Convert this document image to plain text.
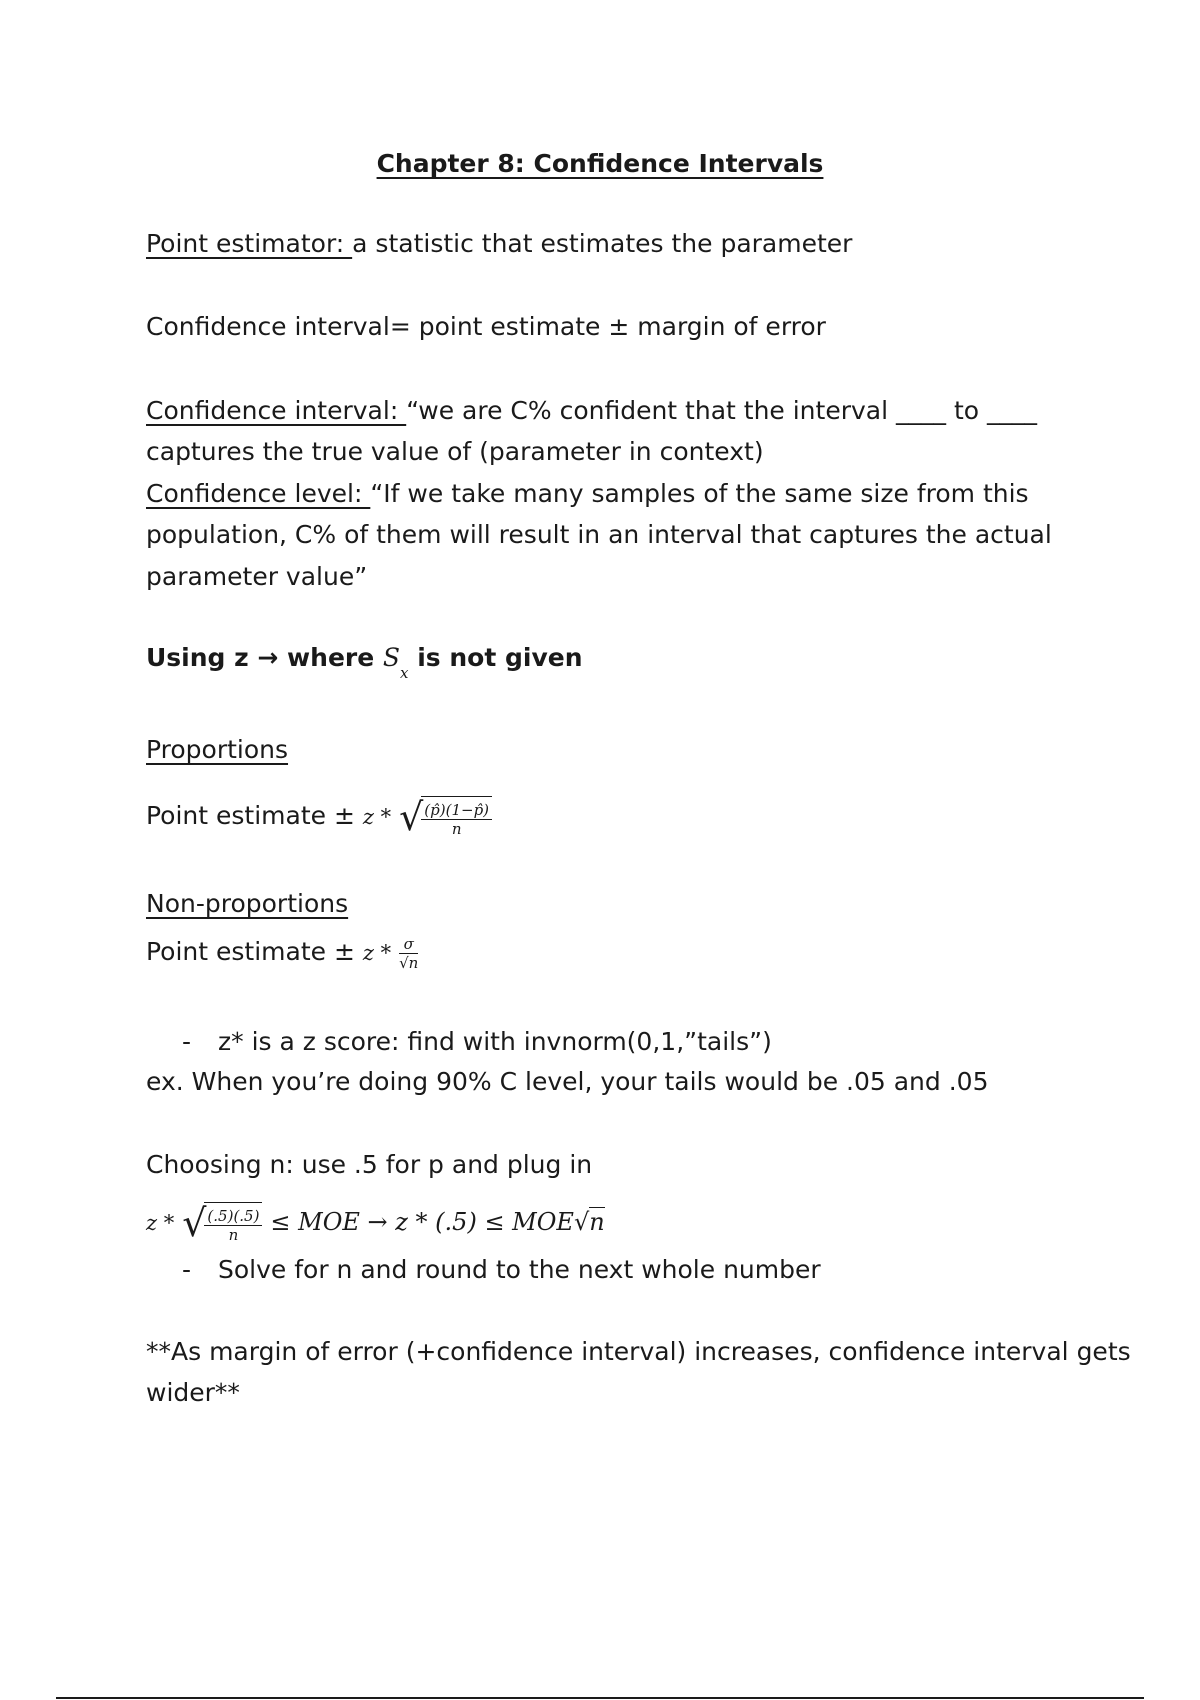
Chapter 8: Confidence Intervals
Point estimator: a statistic that estimates the parameter
Confidence interval= point estimate ± margin of error
Confidence interval: “we are C% confident that the interval ____ to ____
captures the true value of (parameter in context)
Confidence level: “If we take many samples of the same size from this
population, C% of them will result in an interval that captures the actual
parameter value”
Using z → where $S_x$ is not given
Proportions
Point estimate ± z * √
$\frac{(p̂)(1-p̂)}{n}$
Non-proportions
Point estimate ± z * $\frac{\sigma}{√n}$
- z* is a z score: find with invnorm(0,1,”tails”)
ex. When you’re doing 90% C level, your tails would be .05 and .05
Choosing n: use .5 for p and plug in
z * √
$\frac{(.5)(.5)}{n}$ ≤ MOE → z * (.5) ≤ MOE√n
- Solve for n and round to the next whole number
**As margin of error (+confidence interval) increases, confidence interval gets
wider**
